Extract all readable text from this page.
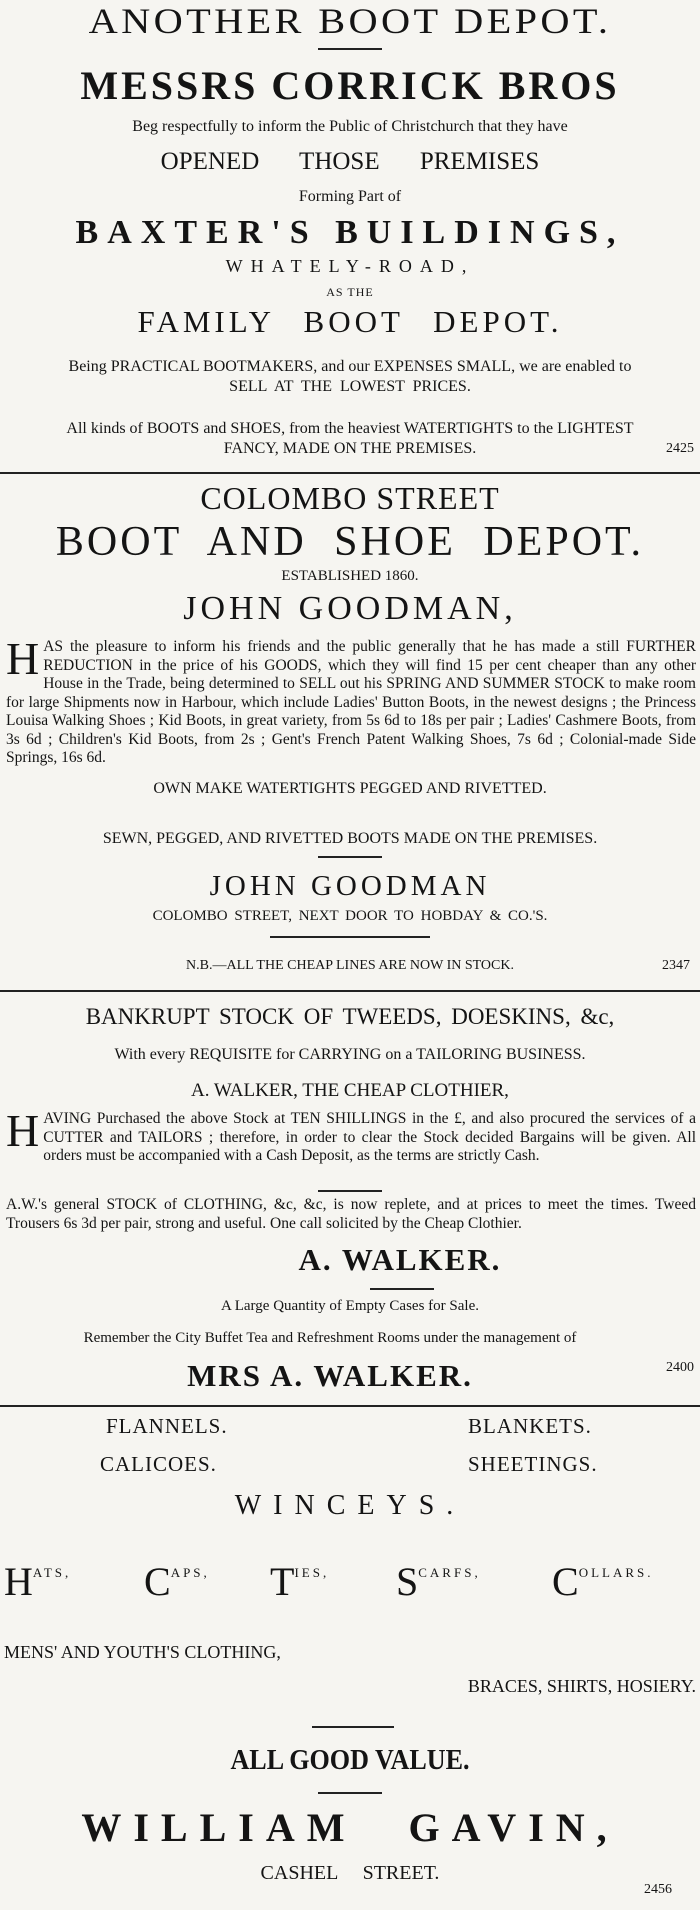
ANOTHER BOOT DEPOT.
MESSRS CORRICK BROS
Beg respectfully to inform the Public of Christchurch that they have
OPENED THOSE PREMISES
Forming Part of
BAXTER'S BUILDINGS,
WHATELY-ROAD,
AS THE
FAMILY BOOT DEPOT.
Being PRACTICAL BOOTMAKERS, and our EXPENSES SMALL, we are enabled to
SELL AT THE LOWEST PRICES.
All kinds of BOOTS and SHOES, from the heaviest WATERTIGHTS to the LIGHTEST
FANCY, MADE ON THE PREMISES.	2425
COLOMBO STREET
BOOT AND SHOE DEPOT.
ESTABLISHED 1860.
JOHN GOODMAN,
HAS the pleasure to inform his friends and the public generally that he has made a still FURTHER REDUCTION in the price of his GOODS, which they will find 15 per cent cheaper than any other House in the Trade, being determined to SELL out his SPRING AND SUMMER STOCK to make room for large Shipments now in Harbour, which include Ladies' Button Boots, in the newest designs ; the Princess Louisa Walking Shoes ; Kid Boots, in great variety, from 5s 6d to 18s per pair ; Ladies' Cashmere Boots, from 3s 6d ; Children's Kid Boots, from 2s ; Gent's French Patent Walking Shoes, 7s 6d ; Colonial-made Side Springs, 16s 6d.
OWN MAKE WATERTIGHTS PEGGED AND RIVETTED.
SEWN, PEGGED, AND RIVETTED BOOTS MADE ON THE PREMISES.
JOHN GOODMAN
COLOMBO STREET, NEXT DOOR TO HOBDAY & CO.'S.
N.B.—ALL THE CHEAP LINES ARE NOW IN STOCK.	2347
BANKRUPT STOCK OF TWEEDS, DOESKINS, &c,
With every REQUISITE for CARRYING on a TAILORING BUSINESS.
A. WALKER, THE CHEAP CLOTHIER,
HAVING Purchased the above Stock at TEN SHILLINGS in the £, and also procured the services of a CUTTER and TAILORS ; therefore, in order to clear the Stock decided Bargains will be given. All orders must be accompanied with a Cash Deposit, as the terms are strictly Cash.
A.W.'s general STOCK of CLOTHING, &c, &c, is now replete, and at prices to meet the times. Tweed Trousers 6s 3d per pair, strong and useful. One call solicited by the Cheap Clothier.
A. WALKER.
A Large Quantity of Empty Cases for Sale.
Remember the City Buffet Tea and Refreshment Rooms under the management of
MRS A. WALKER.	2400
FLANNELS.	BLANKETS.
CALICOES.	SHEETINGS.
WINCEYS.
$H^{ATS,}$ $C^{APS,}$ $T^{IES,}$ $S^{CARFS,}$ $C^{OLLARS.}$
MENS' AND YOUTH'S CLOTHING,
BRACES, SHIRTS, HOSIERY.
ALL GOOD VALUE.
WILLIAM GAVIN,
CASHEL STREET.
2456
